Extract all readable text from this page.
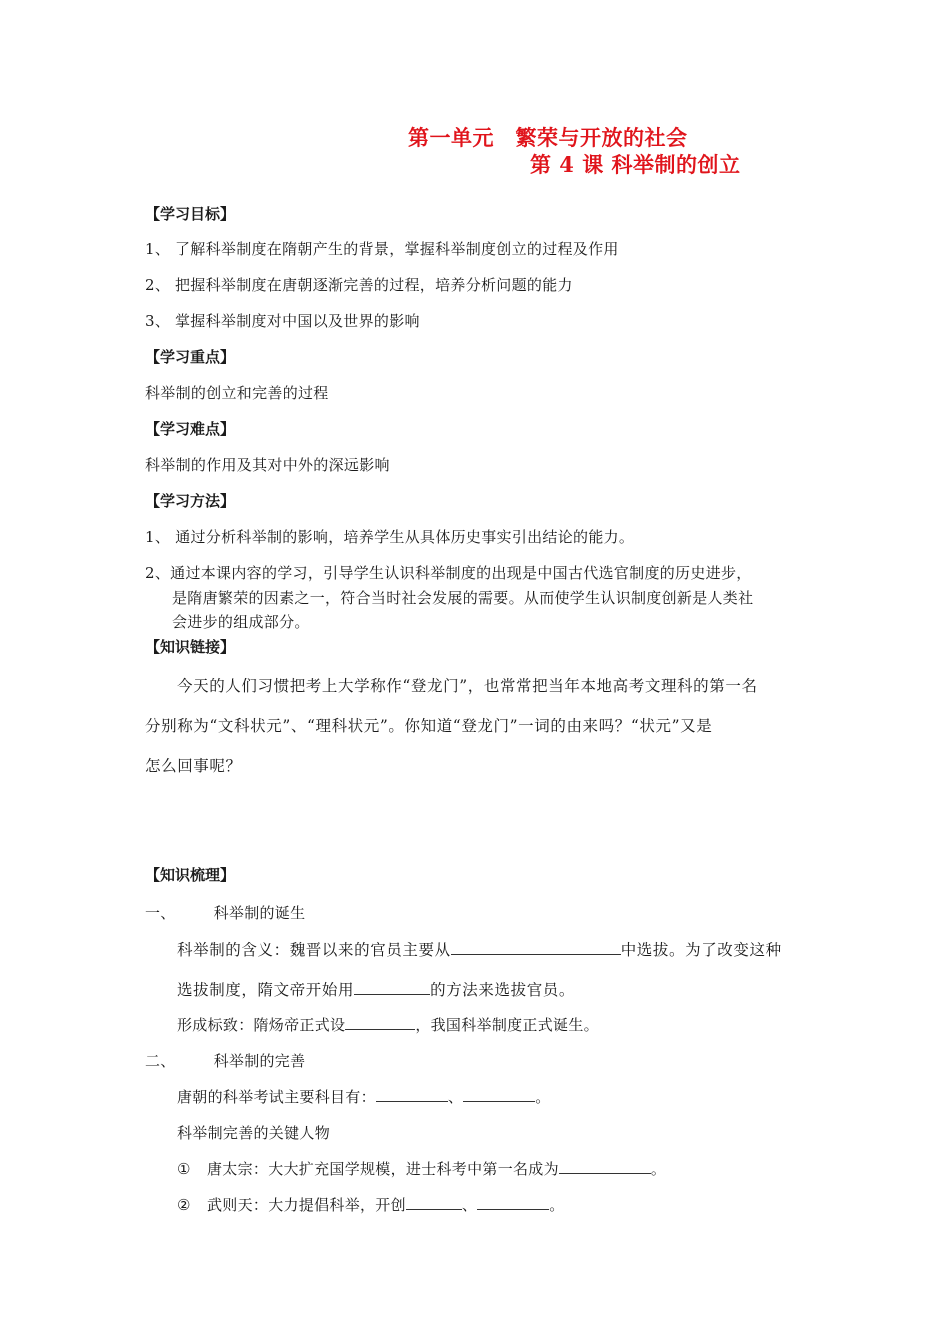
第一单元　繁荣与开放的社会
第 4 课 科举制的创立
【学习目标】
1、 了解科举制度在隋朝产生的背景，掌握科举制度创立的过程及作用
2、 把握科举制度在唐朝逐渐完善的过程，培养分析问题的能力
3、 掌握科举制度对中国以及世界的影响
【学习重点】
科举制的创立和完善的过程
【学习难点】
科举制的作用及其对中外的深远影响
【学习方法】
1、 通过分析科举制的影响，培养学生从具体历史事实引出结论的能力。
2、通过本课内容的学习，引导学生认识科举制度的出现是中国古代选官制度的历史进步，
是隋唐繁荣的因素之一，符合当时社会发展的需要。从而使学生认识制度创新是人类社
会进步的组成部分。
【知识链接】
今天的人们习惯把考上大学称作“登龙门”，也常常把当年本地高考文理科的第一名
分别称为“文科状元”、“理科状元”。你知道“登龙门”一词的由来吗？“状元”又是
怎么回事呢？
【知识梳理】
一、	科举制的诞生
科举制的含义：魏晋以来的官员主要从	中选拔。为了改变这种
选拔制度，隋文帝开始用	的方法来选拔官员。
形成标致：隋炀帝正式设	，我国科举制度正式诞生。
二、	科举制的完善
唐朝的科举考试主要科目有：	、	。
科举制完善的关键人物
① 唐太宗：大大扩充国学规模，进士科考中第一名成为	。
② 武则天：大力提倡科举，开创	、	。
